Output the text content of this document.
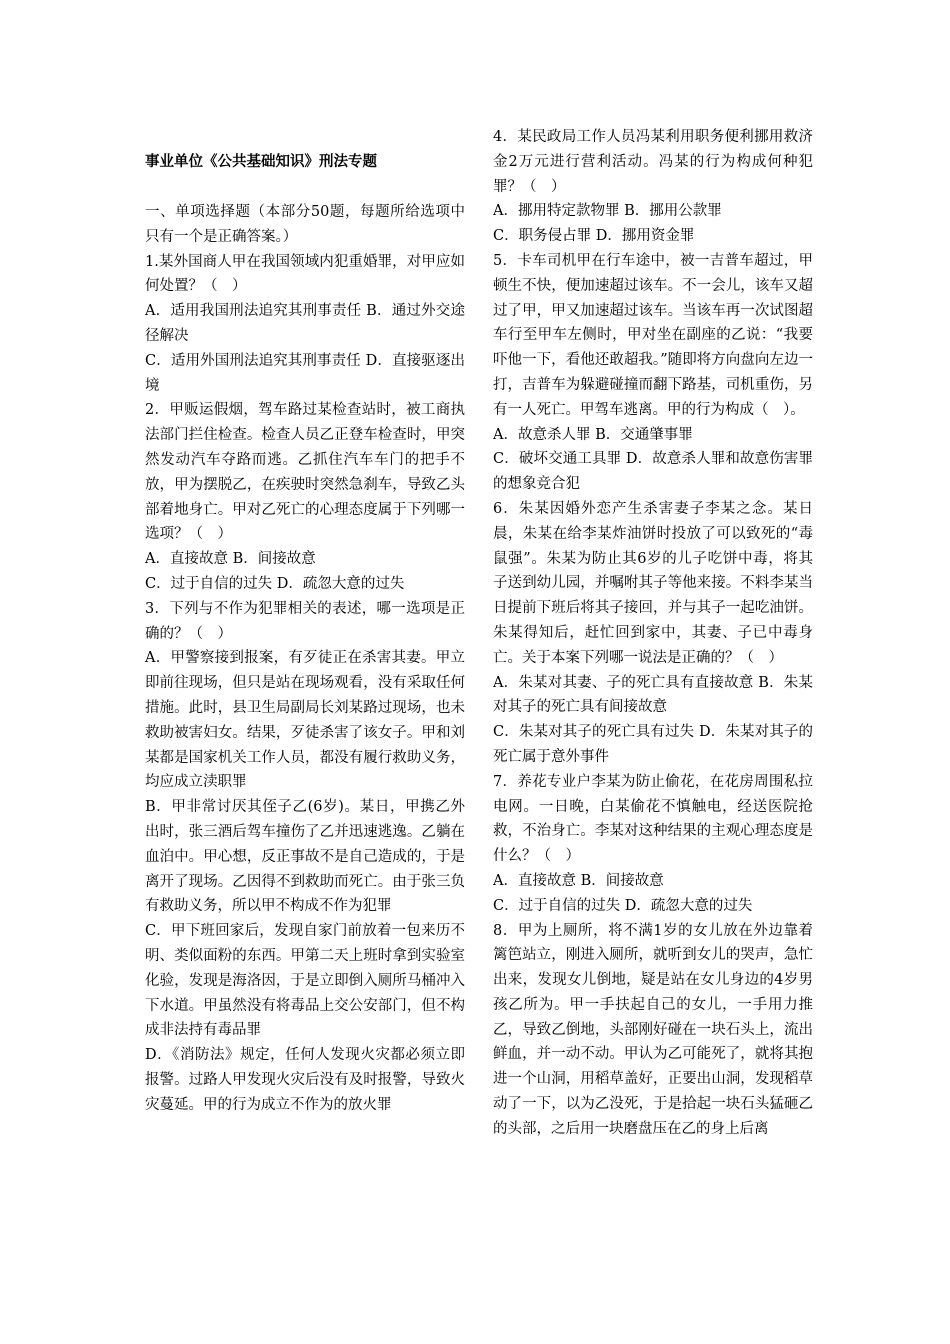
事业单位《公共基础知识》刑法专题

一、单项选择题（本部分50题，每题所给选项中只有一个是正确答案。）

1.某外国商人甲在我国领域内犯重婚罪，对甲应如何处置？（　）

A．适用我国刑法追究其刑事责任 B．通过外交途径解决

C．适用外国刑法追究其刑事责任 D．直接驱逐出境

2．甲贩运假烟，驾车路过某检查站时，被工商执法部门拦住检查。检查人员乙正登车检查时，甲突然发动汽车夺路而逃。乙抓住汽车车门的把手不放，甲为摆脱乙，在疾驶时突然急刹车，导致乙头部着地身亡。甲对乙死亡的心理态度属于下列哪一选项？（　）

A．直接故意 B．间接故意

C．过于自信的过失 D．疏忽大意的过失

3．下列与不作为犯罪相关的表述，哪一选项是正确的？（　）

A．甲警察接到报案，有歹徒正在杀害其妻。甲立即前往现场，但只是站在现场观看，没有采取任何措施。此时，县卫生局副局长刘某路过现场，也未救助被害妇女。结果，歹徒杀害了该女子。甲和刘某都是国家机关工作人员，都没有履行救助义务，均应成立渎职罪

B．甲非常讨厌其侄子乙(6岁)。某日，甲携乙外出时，张三酒后驾车撞伤了乙并迅速逃逸。乙躺在血泊中。甲心想，反正事故不是自己造成的，于是离开了现场。乙因得不到救助而死亡。由于张三负有救助义务，所以甲不构成不作为犯罪

C．甲下班回家后，发现自家门前放着一包来历不明、类似面粉的东西。甲第二天上班时拿到实验室化验，发现是海洛因，于是立即倒入厕所马桶冲入下水道。甲虽然没有将毒品上交公安部门，但不构成非法持有毒品罪

D．《消防法》规定，任何人发现火灾都必须立即报警。过路人甲发现火灾后没有及时报警，导致火灾蔓延。甲的行为成立不作为的放火罪

4．某民政局工作人员冯某利用职务便利挪用救济金2万元进行营利活动。冯某的行为构成何种犯罪？（　）

A．挪用特定款物罪 B．挪用公款罪

C．职务侵占罪 D．挪用资金罪

5．卡车司机甲在行车途中，被一吉普车超过，甲顿生不快，便加速超过该车。不一会儿，该车又超过了甲，甲又加速超过该车。当该车再一次试图超车行至甲车左侧时，甲对坐在副座的乙说：“我要吓他一下，看他还敢超我。”随即将方向盘向左边一打，吉普车为躲避碰撞而翻下路基，司机重伤，另有一人死亡。甲驾车逃离。甲的行为构成（　）。

A．故意杀人罪 B．交通肇事罪

C．破坏交通工具罪 D．故意杀人罪和故意伤害罪的想象竞合犯

6．朱某因婚外恋产生杀害妻子李某之念。某日晨，朱某在给李某炸油饼时投放了可以致死的“毒鼠强”。朱某为防止其6岁的儿子吃饼中毒，将其子送到幼儿园，并嘱咐其子等他来接。不料李某当日提前下班后将其子接回，并与其子一起吃油饼。朱某得知后，赶忙回到家中，其妻、子已中毒身亡。关于本案下列哪一说法是正确的？（　）

A．朱某对其妻、子的死亡具有直接故意 B．朱某对其子的死亡具有间接故意

C．朱某对其子的死亡具有过失 D．朱某对其子的死亡属于意外事件

7．养花专业户李某为防止偷花，在花房周围私拉电网。一日晚，白某偷花不慎触电，经送医院抢救，不治身亡。李某对这种结果的主观心理态度是什么？（　）

A．直接故意 B．间接故意

C．过于自信的过失 D．疏忽大意的过失

8．甲为上厕所，将不满1岁的女儿放在外边靠着篱笆站立，刚进入厕所，就听到女儿的哭声，急忙出来，发现女儿倒地，疑是站在女儿身边的4岁男孩乙所为。甲一手扶起自己的女儿，一手用力推乙，导致乙倒地，头部刚好碰在一块石头上，流出鲜血，并一动不动。甲认为乙可能死了，就将其抱进一个山洞，用稻草盖好，正要出山洞，发现稻草动了一下，以为乙没死，于是拾起一块石头猛砸乙的头部，之后用一块磨盘压在乙的身上后离
